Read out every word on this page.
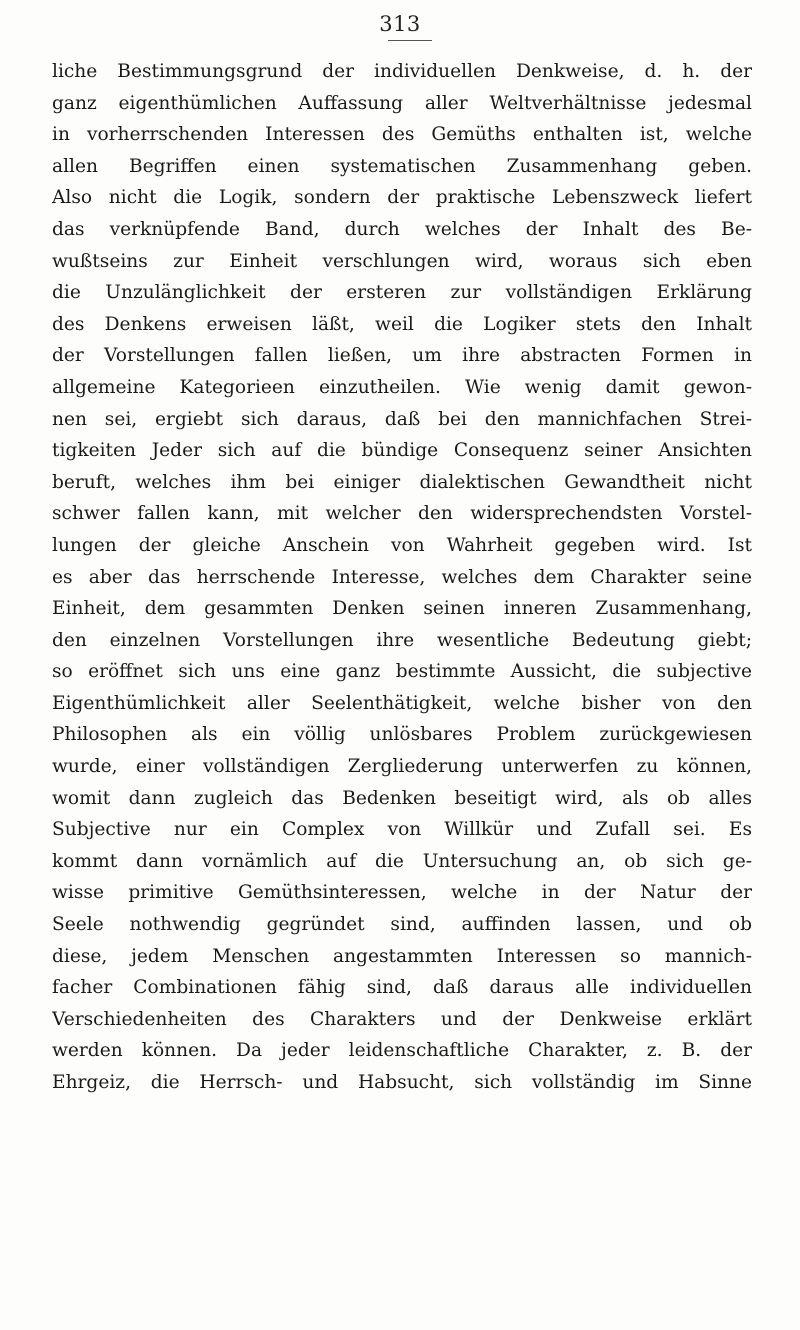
313
liche Bestimmungsgrund der individuellen Denkweise, d. h. der
ganz eigenthümlichen Auffassung aller Weltverhältnisse jedesmal
in vorherrschenden Interessen des Gemüths enthalten ist, welche
allen Begriffen einen systematischen Zusammenhang geben.
Also nicht die Logik, sondern der praktische Lebenszweck liefert
das verknüpfende Band, durch welches der Inhalt des Be-
wußtseins zur Einheit verschlungen wird, woraus sich eben
die Unzulänglichkeit der ersteren zur vollständigen Erklärung
des Denkens erweisen läßt, weil die Logiker stets den Inhalt
der Vorstellungen fallen ließen, um ihre abstracten Formen in
allgemeine Kategorieen einzutheilen. Wie wenig damit gewon-
nen sei, ergiebt sich daraus, daß bei den mannichfachen Strei-
tigkeiten Jeder sich auf die bündige Consequenz seiner Ansichten
beruft, welches ihm bei einiger dialektischen Gewandtheit nicht
schwer fallen kann, mit welcher den widersprechendsten Vorstel-
lungen der gleiche Anschein von Wahrheit gegeben wird. Ist
es aber das herrschende Interesse, welches dem Charakter seine
Einheit, dem gesammten Denken seinen inneren Zusammenhang,
den einzelnen Vorstellungen ihre wesentliche Bedeutung giebt;
so eröffnet sich uns eine ganz bestimmte Aussicht, die subjective
Eigenthümlichkeit aller Seelenthätigkeit, welche bisher von den
Philosophen als ein völlig unlösbares Problem zurückgewiesen
wurde, einer vollständigen Zergliederung unterwerfen zu können,
womit dann zugleich das Bedenken beseitigt wird, als ob alles
Subjective nur ein Complex von Willkür und Zufall sei. Es
kommt dann vornämlich auf die Untersuchung an, ob sich ge-
wisse primitive Gemüthsinteressen, welche in der Natur der
Seele nothwendig gegründet sind, auffinden lassen, und ob
diese, jedem Menschen angestammten Interessen so mannich-
facher Combinationen fähig sind, daß daraus alle individuellen
Verschiedenheiten des Charakters und der Denkweise erklärt
werden können. Da jeder leidenschaftliche Charakter, z. B. der
Ehrgeiz, die Herrsch- und Habsucht, sich vollständig im Sinne
